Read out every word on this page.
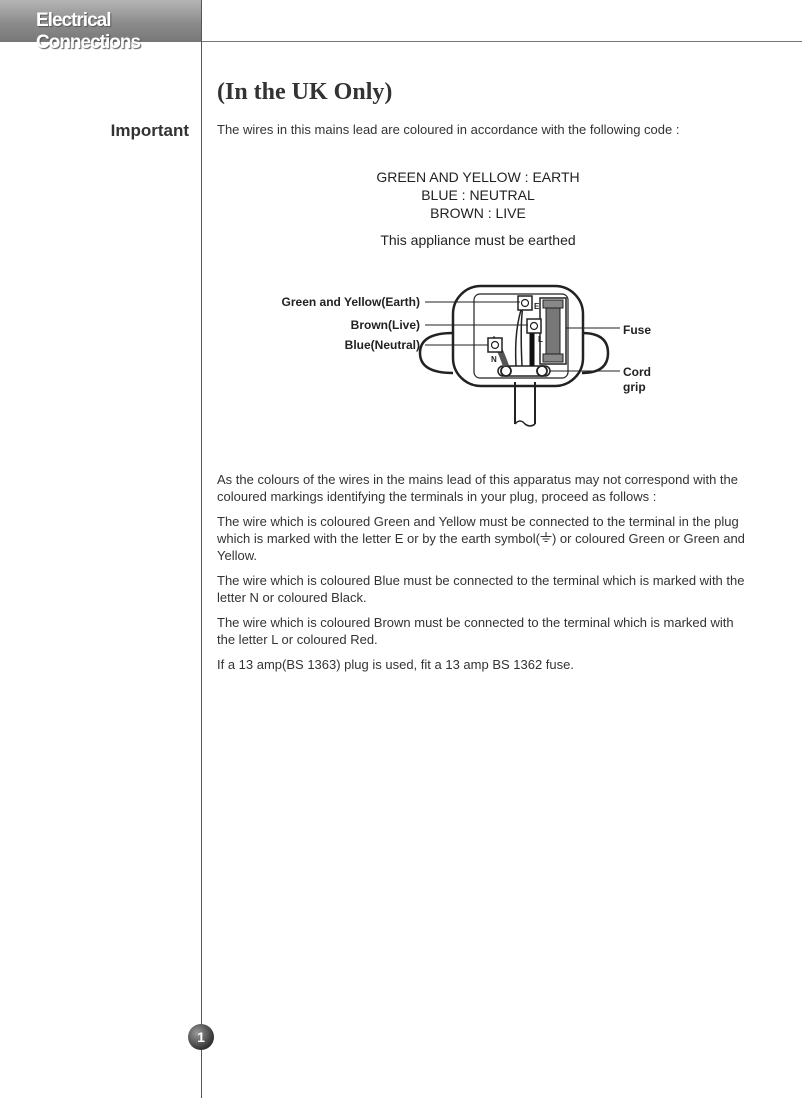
Electrical Connections
(In the UK Only)
Important The wires in this mains lead are coloured in accordance with the following code :
GREEN AND YELLOW : EARTH
BLUE : NEUTRAL
BROWN : LIVE
This appliance must be earthed
E
L
N
Green and Yellow(Earth)
Brown(Live)
Blue(Neutral)
Fuse
Cord
grip

As the colours of the wires in the mains lead of this apparatus may not correspond with the coloured markings identifying the terminals in your plug, proceed as follows :

The wire which is coloured Green and Yellow must be connected to the terminal in the plug which is marked with the letter E or by the earth symbol( ) or coloured Green or Green and Yellow.

The wire which is coloured Blue must be connected to the terminal which is marked with the letter N or coloured Black.

The wire which is coloured Brown must be connected to the terminal which is marked with the letter L or coloured Red.

If a 13 amp(BS 1363) plug is used, fit a 13 amp BS 1362 fuse.

1
